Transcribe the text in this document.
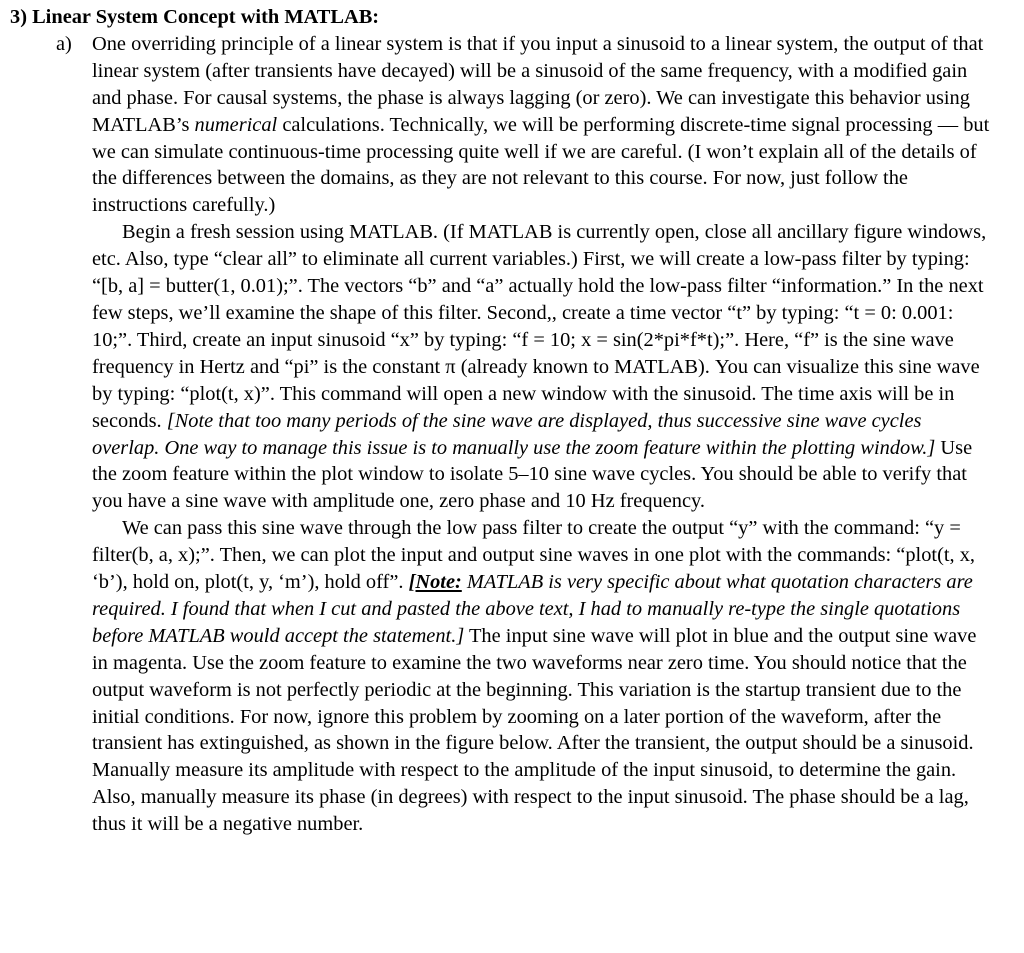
3) Linear System Concept with MATLAB:

a) One overriding principle of a linear system is that if you input a sinusoid to a linear system, the output of that linear system (after transients have decayed) will be a sinusoid of the same frequency, with a modified gain and phase. For causal systems, the phase is always lagging (or zero). We can investigate this behavior using MATLAB’s numerical calculations. Technically, we will be performing discrete-time signal processing — but we can simulate continuous-time processing quite well if we are careful. (I won’t explain all of the details of the differences between the domains, as they are not relevant to this course. For now, just follow the instructions carefully.)

Begin a fresh session using MATLAB. (If MATLAB is currently open, close all ancillary figure windows, etc. Also, type “clear all” to eliminate all current variables.) First, we will create a low-pass filter by typing: “[b, a] = butter(1, 0.01);”. The vectors “b” and “a” actually hold the low-pass filter “information.” In the next few steps, we’ll examine the shape of this filter. Second,, create a time vector “t” by typing: “t = 0: 0.001: 10;”. Third, create an input sinusoid “x” by typing: “f = 10; x = sin(2*pi*f*t);”. Here, “f” is the sine wave frequency in Hertz and “pi” is the constant π (already known to MATLAB). You can visualize this sine wave by typing: “plot(t, x)”. This command will open a new window with the sinusoid. The time axis will be in seconds. [Note that too many periods of the sine wave are displayed, thus successive sine wave cycles overlap. One way to manage this issue is to manually use the zoom feature within the plotting window.] Use the zoom feature within the plot window to isolate 5–10 sine wave cycles. You should be able to verify that you have a sine wave with amplitude one, zero phase and 10 Hz frequency.

We can pass this sine wave through the low pass filter to create the output “y” with the command: “y = filter(b, a, x);”. Then, we can plot the input and output sine waves in one plot with the commands: “plot(t, x, ‘b’), hold on, plot(t, y, ‘m’), hold off”. [Note: MATLAB is very specific about what quotation characters are required. I found that when I cut and pasted the above text, I had to manually re-type the single quotations before MATLAB would accept the statement.] The input sine wave will plot in blue and the output sine wave in magenta. Use the zoom feature to examine the two waveforms near zero time. You should notice that the output waveform is not perfectly periodic at the beginning. This variation is the startup transient due to the initial conditions. For now, ignore this problem by zooming on a later portion of the waveform, after the transient has extinguished, as shown in the figure below. After the transient, the output should be a sinusoid. Manually measure its amplitude with respect to the amplitude of the input sinusoid, to determine the gain. Also, manually measure its phase (in degrees) with respect to the input sinusoid. The phase should be a lag, thus it will be a negative number.
